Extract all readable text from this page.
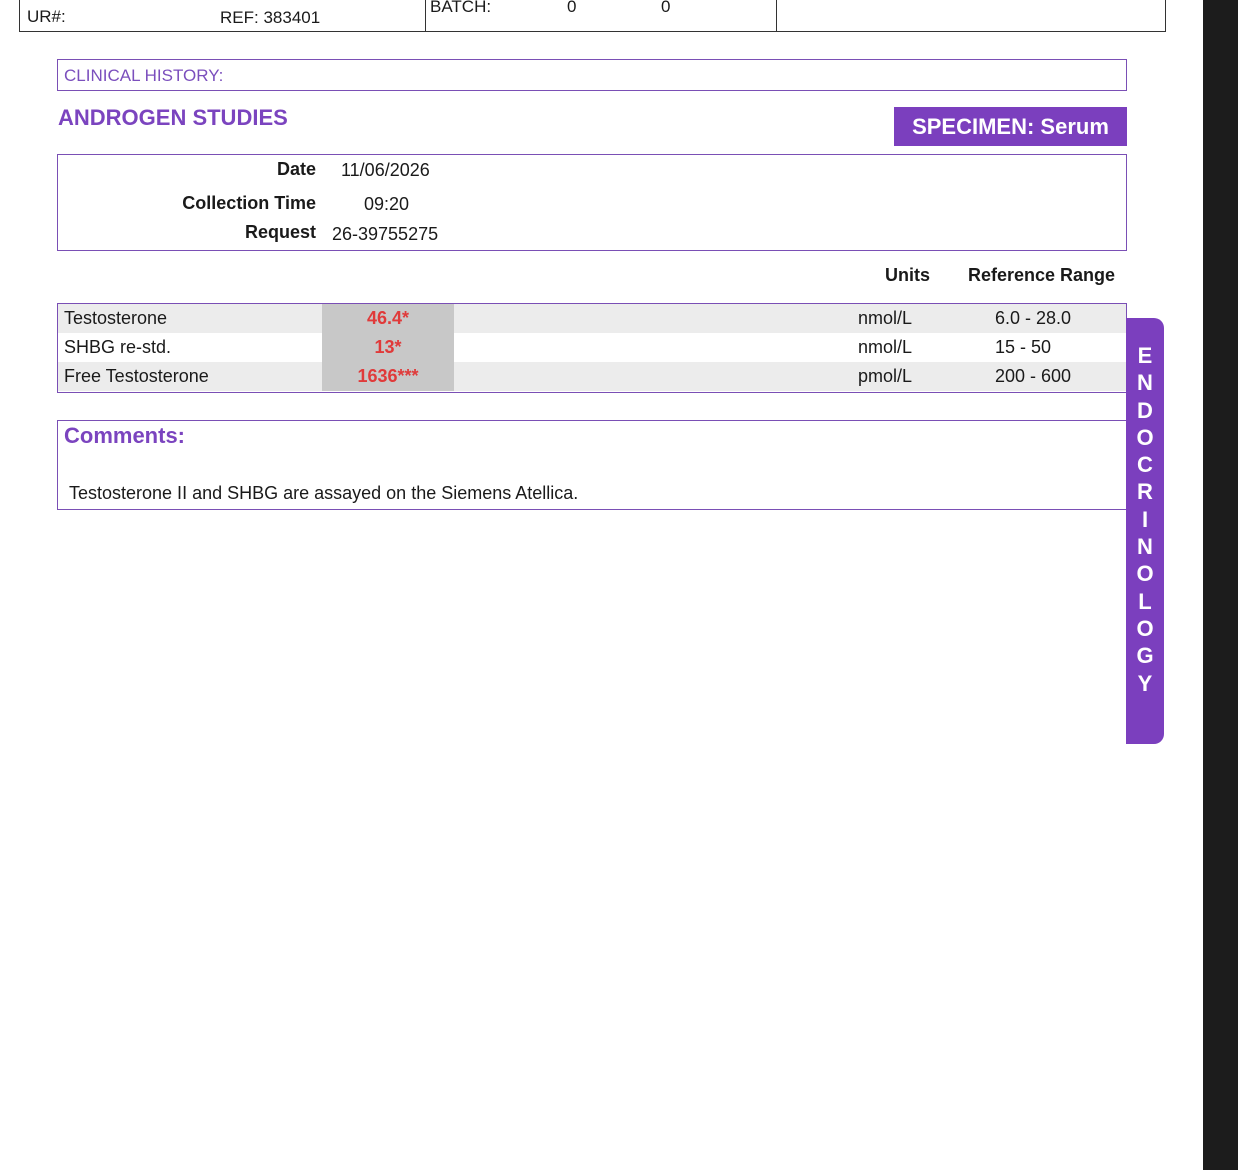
UR#:	REF: 383401
BATCH:	0	0
CLINICAL HISTORY:
ANDROGEN STUDIES	SPECIMEN: Serum
Date 11/06/2026
Collection Time	09:20
Request 26-39755275
Units Reference Range
Testosterone	46.4*	nmol/L	6.0 - 28.0
SHBG re-std.	13*	nmol/L	15 - 50
Free Testosterone	1636***	pmol/L	200 - 600
Comments:
Testosterone II and SHBG are assayed on the Siemens Atellica.
E
N
D
O
C
R
I
N
O
L
O
G
Y
